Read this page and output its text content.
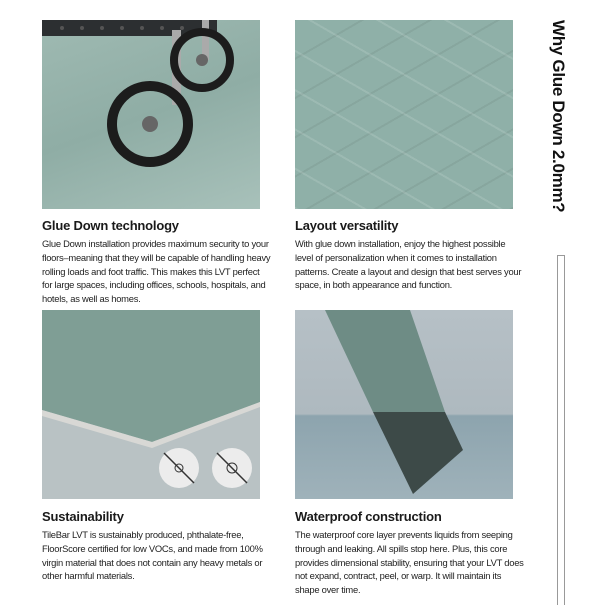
Glue Down technology

Glue Down installation provides maximum security to your floors–meaning that they will be capable of handling heavy rolling loads and foot traffic. This makes this LVT perfect for large spaces, including offices, schools, hospitals, and hotels, as well as homes.

Layout versatility

With glue down installation, enjoy the highest possible level of personalization when it comes to installation patterns. Create a layout and design that best serves your space, in both appearance and function.

Sustainability

TileBar LVT is sustainably produced, phthalate-free, FloorScore certified for low VOCs, and made from 100% virgin material that does not contain any heavy metals or other harmful materials.

Waterproof construction

The waterproof core layer prevents liquids from seeping through and leaking. All spills stop here. Plus, this core provides dimensional stability, ensuring that your LVT does not expand, contract, peel, or warp. It will maintain its shape over time.

Why Glue Down 2.0mm?
